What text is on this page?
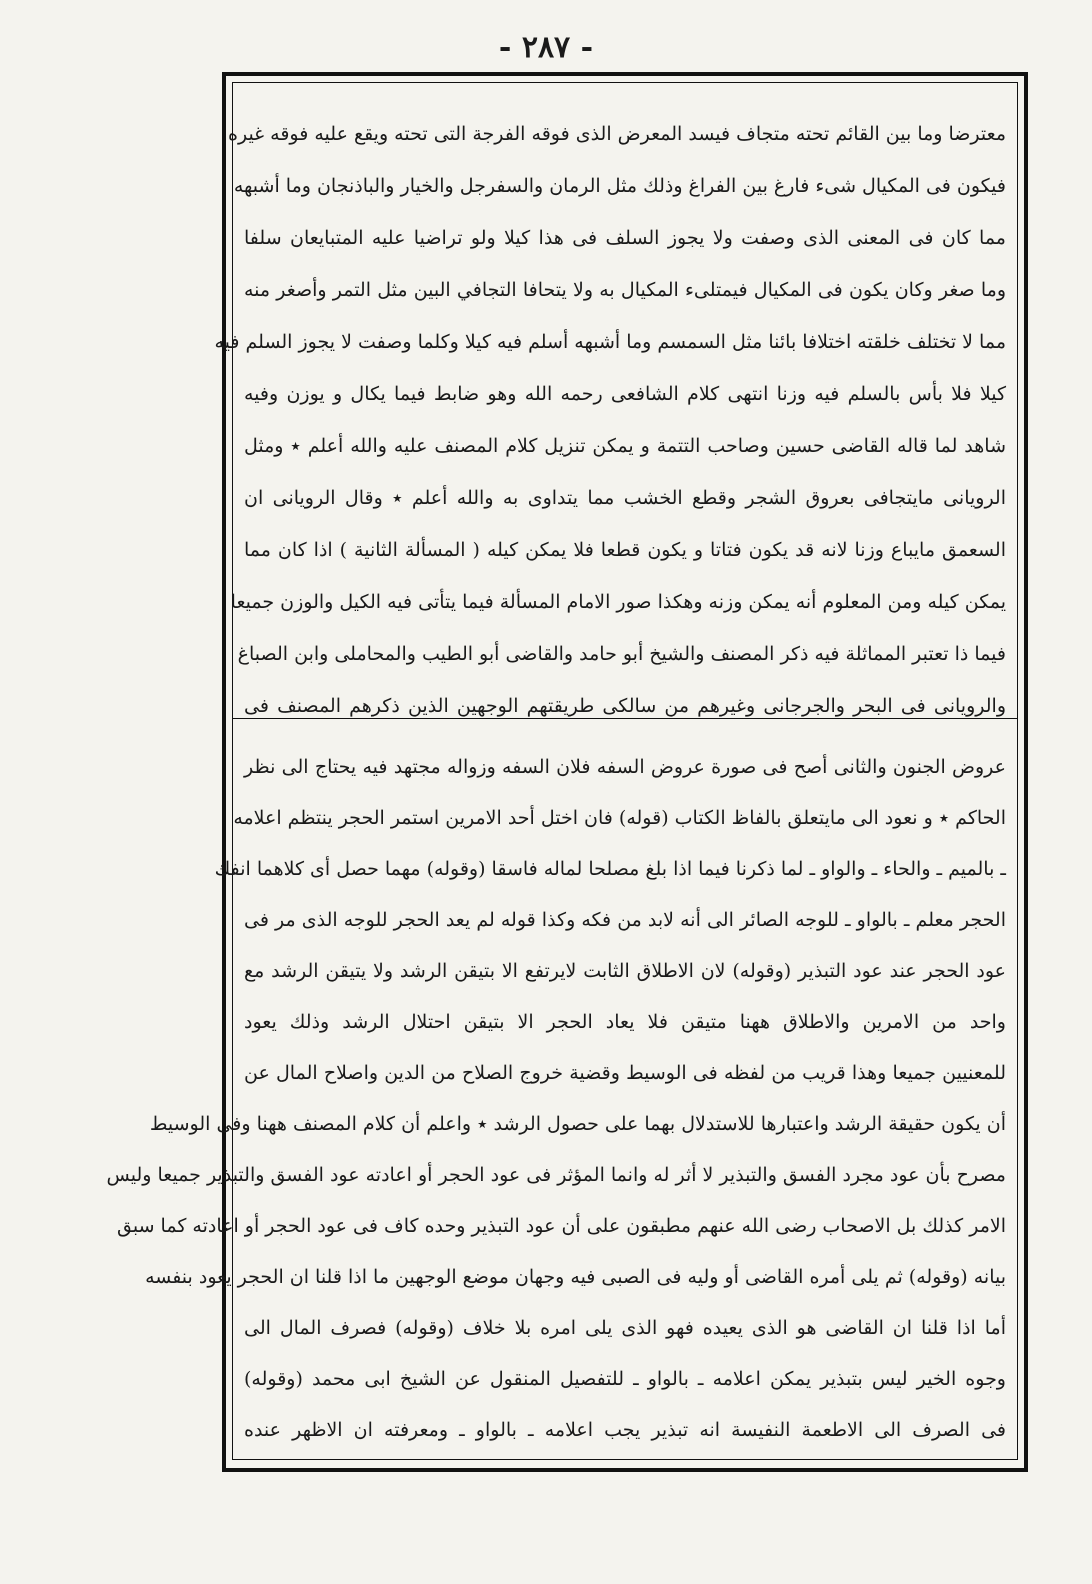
- ٢٨٧ -
معترضا وما بين القائم تحته متجاف فيسد المعرض الذى فوقه الفرجة التى تحته ويقع عليه فوقه غيره
فيكون فى المكيال شىء فارغ بين الفراغ وذلك مثل الرمان والسفرجل والخيار والباذنجان وما أشبهه
مما كان فى المعنى الذى وصفت ولا يجوز السلف فى هذا كيلا ولو تراضيا عليه المتبايعان سلفا
وما صغر وكان يكون فى المكيال فيمتلىء المكيال به ولا يتحافا التجافي البين مثل التمر وأصغر منه
مما لا تختلف خلقته اختلافا بائنا مثل السمسم وما أشبهه أسلم فيه كيلا وكلما وصفت لا يجوز السلم فيه
كيلا فلا بأس بالسلم فيه وزنا انتهى كلام الشافعى رحمه الله وهو ضابط فيما يكال و يوزن وفيه
شاهد لما قاله القاضى حسين وصاحب التتمة و يمكن تنزيل كلام المصنف عليه والله أعلم ٭ ومثل
الرويانى مايتجافى بعروق الشجر وقطع الخشب مما يتداوى به والله أعلم ٭ وقال الرويانى ان
السعمق مايباع وزنا لانه قد يكون فتاتا و يكون قطعا فلا يمكن كيله ( المسألة الثانية ) اذا كان مما
يمكن كيله ومن المعلوم أنه يمكن وزنه وهكذا صور الامام المسألة فيما يتأتى فيه الكيل والوزن جميعا
فيما ذا تعتبر المماثلة فيه ذكر المصنف والشيخ أبو حامد والقاضى أبو الطيب والمحاملى وابن الصباغ
والرويانى فى البحر والجرجانى وغيرهم من سالكى طريقتهم الوجهين الذين ذكرهم المصنف فى
عروض الجنون والثانى أصح فى صورة عروض السفه فلان السفه وزواله مجتهد فيه يحتاج الى نظر
الحاكم ٭ و نعود الى مايتعلق بالفاظ الكتاب (قوله) فان اختل أحد الامرين استمر الحجر ينتظم اعلامه
ـ بالميم ـ والحاء ـ والواو ـ لما ذكرنا فيما اذا بلغ مصلحا لماله فاسقا (وقوله) مهما حصل أى كلاهما انفك
الحجر معلم ـ بالواو ـ للوجه الصائر الى أنه لابد من فكه وكذا قوله لم يعد الحجر للوجه الذى مر فى
عود الحجر عند عود التبذير (وقوله) لان الاطلاق الثابت لايرتفع الا بتيقن الرشد ولا يتيقن الرشد مع
واحد من الامرين والاطلاق ههنا متيقن فلا يعاد الحجر الا بتيقن احتلال الرشد وذلك يعود
للمعنيين جميعا وهذا قريب من لفظه فى الوسيط وقضية خروج الصلاح من الدين واصلاح المال عن
أن يكون حقيقة الرشد واعتبارها للاستدلال بهما على حصول الرشد ٭ واعلم أن كلام المصنف ههنا وفى الوسيط
مصرح بأن عود مجرد الفسق والتبذير لا أثر له وانما المؤثر فى عود الحجر أو اعادته عود الفسق والتبذير جميعا وليس
الامر كذلك بل الاصحاب رضى الله عنهم مطبقون على أن عود التبذير وحده كاف فى عود الحجر أو اعادته كما سبق
بيانه (وقوله) ثم يلى أمره القاضى أو وليه فى الصبى فيه وجهان موضع الوجهين ما اذا قلنا ان الحجر يعود بنفسه
أما اذا قلنا ان القاضى هو الذى يعيده فهو الذى يلى امره بلا خلاف (وقوله) فصرف المال الى
وجوه الخير ليس بتبذير يمكن اعلامه ـ بالواو ـ للتفصيل المنقول عن الشيخ ابى محمد (وقوله)
فى الصرف الى الاطعمة النفيسة انه تبذير يجب اعلامه ـ بالواو ـ ومعرفته ان الاظهر عنده
